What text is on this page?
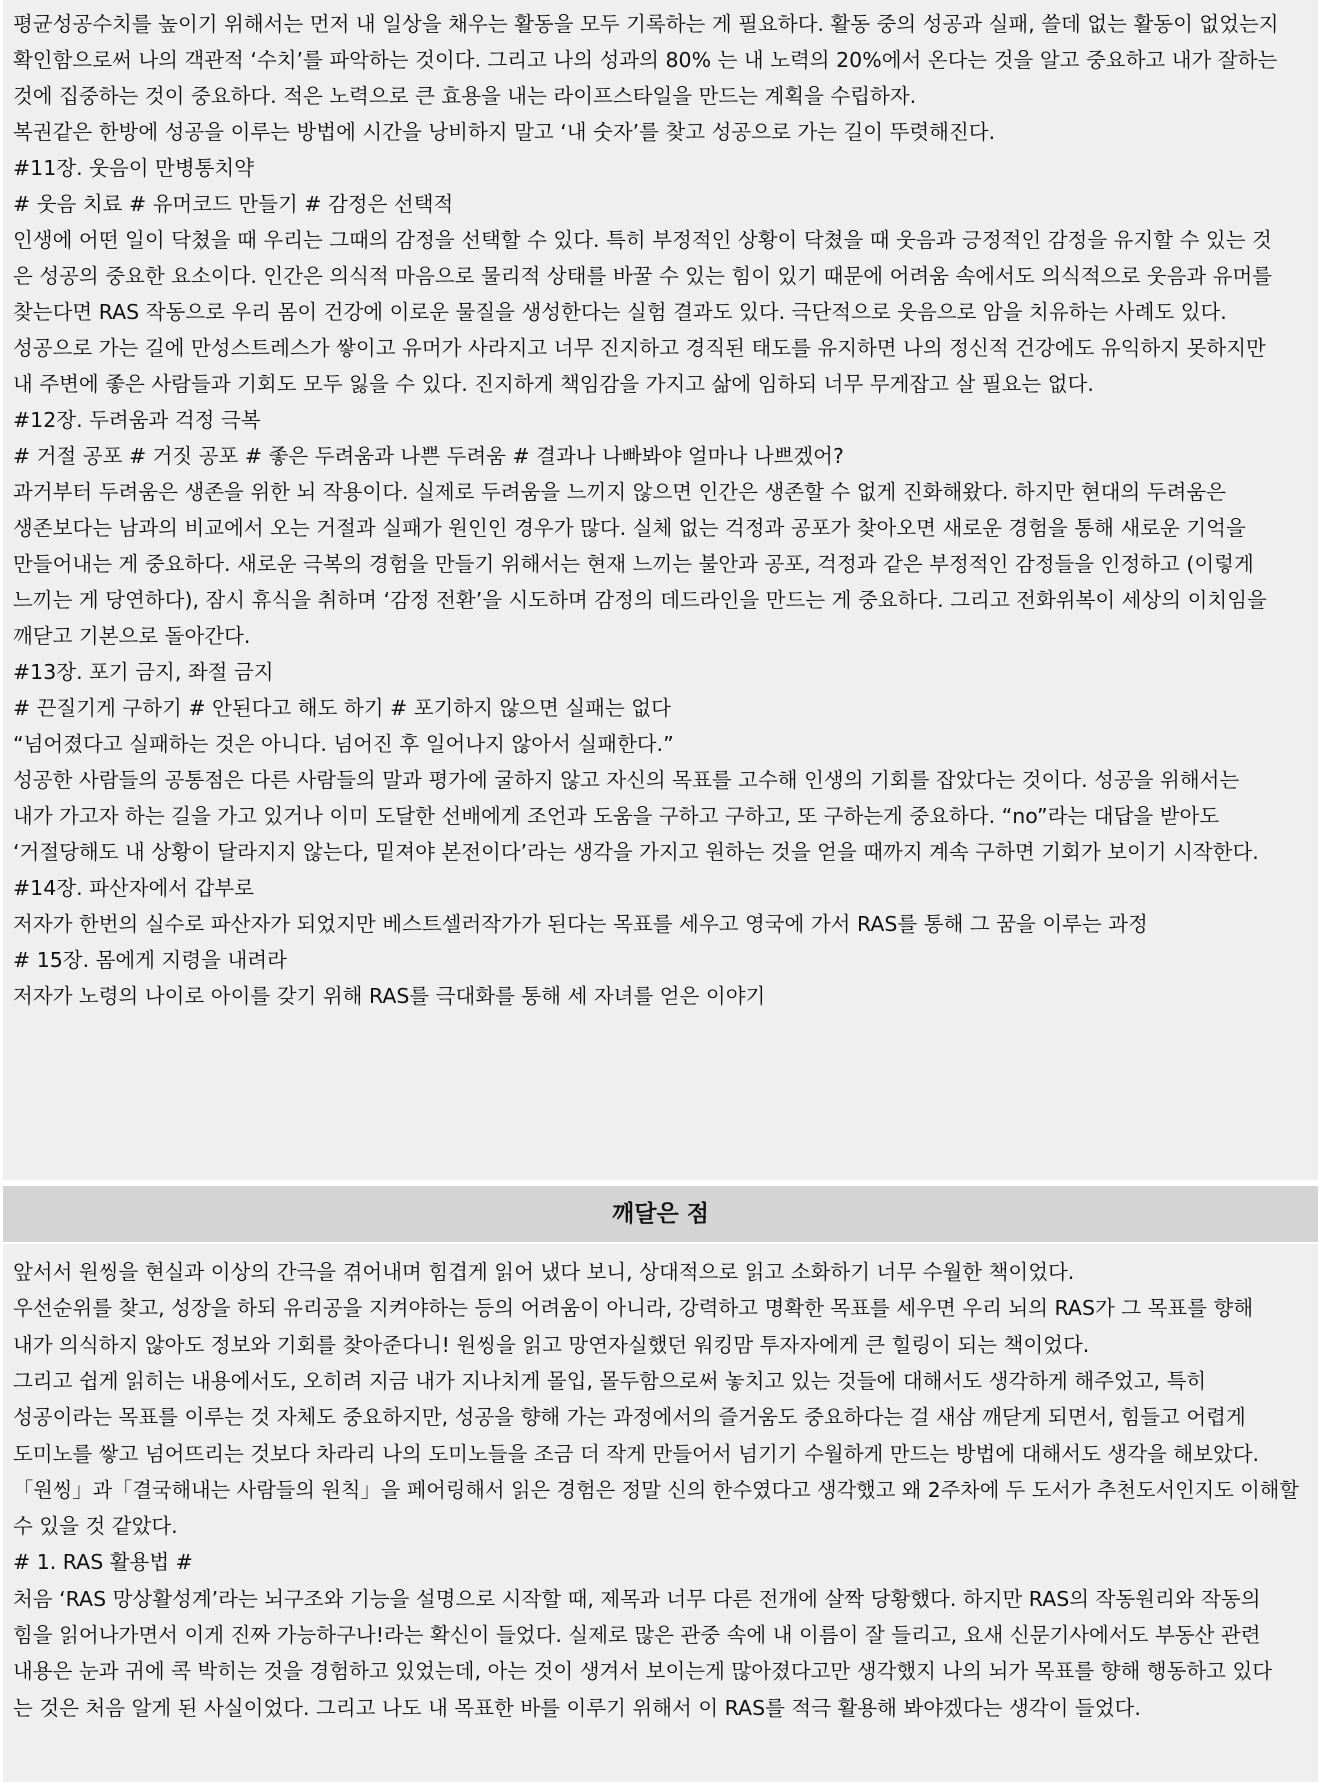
평균성공수치를 높이기 위해서는 먼저 내 일상을 채우는 활동을 모두 기록하는 게 필요하다. 활동 중의 성공과 실패, 쓸데 없는 활동이 없었는지
확인함으로써 나의 객관적 ‘수치’를 파악하는 것이다. 그리고 나의 성과의 80% 는 내 노력의 20%에서 온다는 것을 알고 중요하고 내가 잘하는
것에 집중하는 것이 중요하다. 적은 노력으로 큰 효용을 내는 라이프스타일을 만드는 계획을 수립하자.
복권같은 한방에 성공을 이루는 방법에 시간을 낭비하지 말고 ‘내 숫자’를 찾고 성공으로 가는 길이 뚜렷해진다.
#11장. 웃음이 만병통치약
# 웃음 치료 # 유머코드 만들기 # 감정은 선택적
인생에 어떤 일이 닥쳤을 때 우리는 그때의 감정을 선택할 수 있다. 특히 부정적인 상황이 닥쳤을 때 웃음과 긍정적인 감정을 유지할 수 있는 것
은 성공의 중요한 요소이다. 인간은 의식적 마음으로 물리적 상태를 바꿀 수 있는 힘이 있기 때문에 어려움 속에서도 의식적으로 웃음과 유머를
찾는다면 RAS 작동으로 우리 몸이 건강에 이로운 물질을 생성한다는 실험 결과도 있다. 극단적으로 웃음으로 암을 치유하는 사례도 있다.
성공으로 가는 길에 만성스트레스가 쌓이고 유머가 사라지고 너무 진지하고 경직된 태도를 유지하면 나의 정신적 건강에도 유익하지 못하지만
내 주변에 좋은 사람들과 기회도 모두 잃을 수 있다. 진지하게 책임감을 가지고 삶에 임하되 너무 무게잡고 살 필요는 없다.
#12장. 두려움과 걱정 극복
# 거절 공포 # 거짓 공포 # 좋은 두려움과 나쁜 두려움 # 결과나 나빠봐야 얼마나 나쁘겠어?
과거부터 두려움은 생존을 위한 뇌 작용이다. 실제로 두려움을 느끼지 않으면 인간은 생존할 수 없게 진화해왔다. 하지만 현대의 두려움은
생존보다는 남과의 비교에서 오는 거절과 실패가 원인인 경우가 많다. 실체 없는 걱정과 공포가 찾아오면 새로운 경험을 통해 새로운 기억을
만들어내는 게 중요하다. 새로운 극복의 경험을 만들기 위해서는 현재 느끼는 불안과 공포, 걱정과 같은 부정적인 감정들을 인정하고 (이렇게
느끼는 게 당연하다), 잠시 휴식을 취하며 ‘감정 전환’을 시도하며 감정의 데드라인을 만드는 게 중요하다. 그리고 전화위복이 세상의 이치임을
깨닫고 기본으로 돌아간다.
#13장. 포기 금지, 좌절 금지
# 끈질기게 구하기 # 안된다고 해도 하기 # 포기하지 않으면 실패는 없다
“넘어졌다고 실패하는 것은 아니다. 넘어진 후 일어나지 않아서 실패한다.”
성공한 사람들의 공통점은 다른 사람들의 말과 평가에 굴하지 않고 자신의 목표를 고수해 인생의 기회를 잡았다는 것이다. 성공을 위해서는
내가 가고자 하는 길을 가고 있거나 이미 도달한 선배에게 조언과 도움을 구하고 구하고, 또 구하는게 중요하다. “no”라는 대답을 받아도
‘거절당해도 내 상황이 달라지지 않는다, 밑져야 본전이다’라는 생각을 가지고 원하는 것을 얻을 때까지 계속 구하면 기회가 보이기 시작한다.
#14장. 파산자에서 갑부로
저자가 한번의 실수로 파산자가 되었지만 베스트셀러작가가 된다는 목표를 세우고 영국에 가서 RAS를 통해 그 꿈을 이루는 과정
# 15장. 몸에게 지령을 내려라
저자가 노령의 나이로 아이를 갖기 위해 RAS를 극대화를 통해 세 자녀를 얻은 이야기
깨달은 점
앞서서 원씽을 현실과 이상의 간극을 겪어내며 힘겹게 읽어 냈다 보니, 상대적으로 읽고 소화하기 너무 수월한 책이었다.
우선순위를 찾고, 성장을 하되 유리공을 지켜야하는 등의 어려움이 아니라, 강력하고 명확한 목표를 세우면 우리 뇌의 RAS가 그 목표를 향해
내가 의식하지 않아도 정보와 기회를 찾아준다니! 원씽을 읽고 망연자실했던 워킹맘 투자자에게 큰 힐링이 되는 책이었다.
그리고 쉽게 읽히는 내용에서도, 오히려 지금 내가 지나치게 몰입, 몰두함으로써 놓치고 있는 것들에 대해서도 생각하게 해주었고, 특히
성공이라는 목표를 이루는 것 자체도 중요하지만, 성공을 향해 가는 과정에서의 즐거움도 중요하다는 걸 새삼 깨닫게 되면서, 힘들고 어렵게
도미노를 쌓고 넘어뜨리는 것보다 차라리 나의 도미노들을 조금 더 작게 만들어서 넘기기 수월하게 만드는 방법에 대해서도 생각을 해보았다.
「원씽」과「결국해내는 사람들의 원칙」을 페어링해서 읽은 경험은 정말 신의 한수였다고 생각했고 왜 2주차에 두 도서가 추천도서인지도 이해할
수 있을 것 같았다.
# 1. RAS 활용법 #
처음 ‘RAS 망상활성계’라는 뇌구조와 기능을 설명으로 시작할 때, 제목과 너무 다른 전개에 살짝 당황했다. 하지만 RAS의 작동원리와 작동의
힘을 읽어나가면서 이게 진짜 가능하구나!라는 확신이 들었다. 실제로 많은 관중 속에 내 이름이 잘 들리고, 요새 신문기사에서도 부동산 관련
내용은 눈과 귀에 콕 박히는 것을 경험하고 있었는데, 아는 것이 생겨서 보이는게 많아졌다고만 생각했지 나의 뇌가 목표를 향해 행동하고 있다
는 것은 처음 알게 된 사실이었다. 그리고 나도 내 목표한 바를 이루기 위해서 이 RAS를 적극 활용해 봐야겠다는 생각이 들었다.
